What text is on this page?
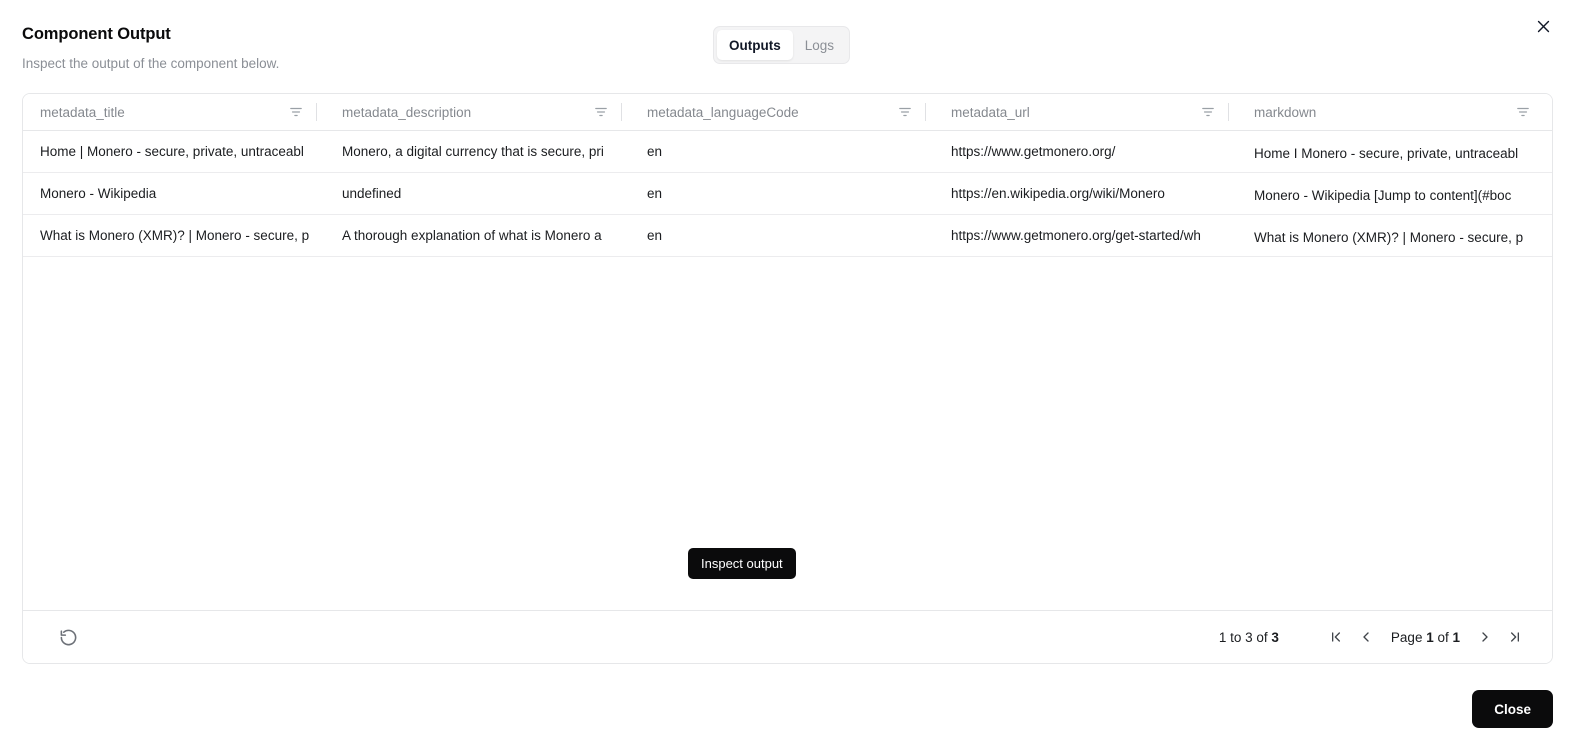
Component Output
Inspect the output of the component below.
Outputs	Logs
metadata_title	metadata_description	metadata_languageCode	metadata_url	markdown
Home | Monero - secure, private, untraceabl	Monero, a digital currency that is secure, pri	en	https://www.getmonero.org/	Home I Monero - secure, private, untraceabl
Monero - Wikipedia	undefined	en	https://en.wikipedia.org/wiki/Monero	Monero - Wikipedia [Jump to content](#boc
What is Monero (XMR)? | Monero - secure, p	A thorough explanation of what is Monero a	en	https://www.getmonero.org/get-started/wh	What is Monero (XMR)? | Monero - secure, p
1 to 3 of 3	Page 1 of 1
Inspect output
Close
